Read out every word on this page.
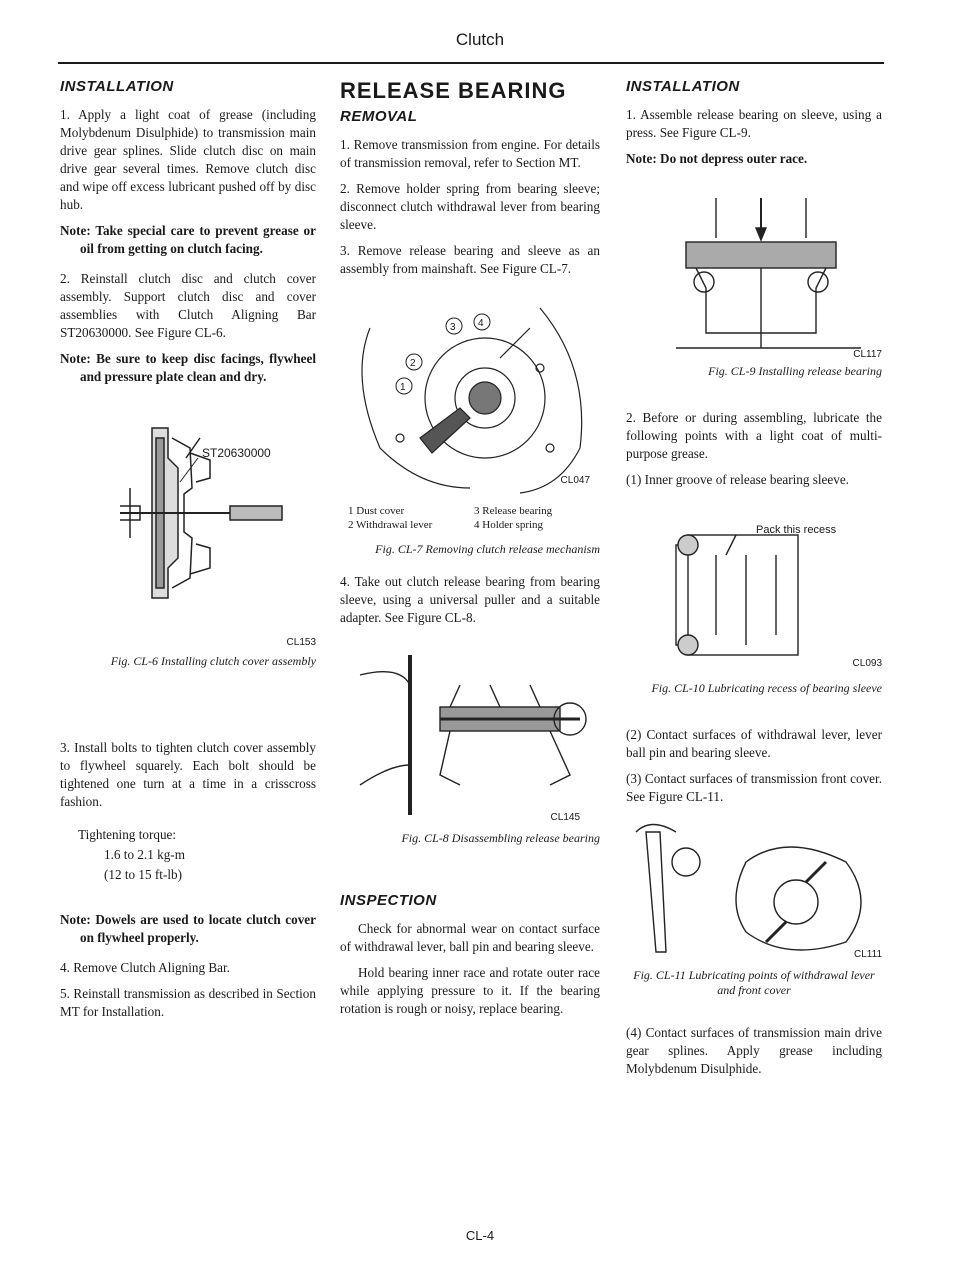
Clutch
INSTALLATION

1. Apply a light coat of grease (including Molybdenum Disulphide) to transmission main drive gear splines. Slide clutch disc on main drive gear several times. Remove clutch disc and wipe off excess lubricant pushed off by disc hub.

Note: Take special care to prevent grease or oil from getting on clutch facing.

2. Reinstall clutch disc and clutch cover assembly. Support clutch disc and cover assemblies with Clutch Aligning Bar ST20630000. See Figure CL-6.

Note: Be sure to keep disc facings, flywheel and pressure plate clean and dry.

ST20630000
CL153
Fig. CL-6 Installing clutch cover assembly

3. Install bolts to tighten clutch cover assembly to flywheel squarely. Each bolt should be tightened one turn at a time in a crisscross fashion.

Tightening torque:
1.6 to 2.1 kg-m
(12 to 15 ft-lb)

Note: Dowels are used to locate clutch cover on flywheel properly.

4. Remove Clutch Aligning Bar.

5. Reinstall transmission as described in Section MT for Installation.

RELEASE BEARING
REMOVAL

1. Remove transmission from engine. For details of transmission removal, refer to Section MT.

2. Remove holder spring from bearing sleeve; disconnect clutch withdrawal lever from bearing sleeve.

3. Remove release bearing and sleeve as an assembly from mainshaft. See Figure CL-7.

1
2
3 4
CL047
1 Dust cover	3 Release bearing
2 Withdrawal lever	4 Holder spring
Fig. CL-7 Removing clutch release mechanism

4. Take out clutch release bearing from bearing sleeve, using a universal puller and a suitable adapter. See Figure CL-8.

CL145
Fig. CL-8 Disassembling release bearing
INSPECTION

Check for abnormal wear on contact surface of withdrawal lever, ball pin and bearing sleeve.

Hold bearing inner race and rotate outer race while applying pressure to it. If the bearing rotation is rough or noisy, replace bearing.

INSTALLATION

1. Assemble release bearing on sleeve, using a press. See Figure CL-9.

Note: Do not depress outer race.

CL117
Fig. CL-9 Installing release bearing

2. Before or during assembling, lubricate the following points with a light coat of multi-purpose grease.

(1) Inner groove of release bearing sleeve.

Pack this recess
CL093
Fig. CL-10 Lubricating recess of bearing sleeve

(2) Contact surfaces of withdrawal lever, lever ball pin and bearing sleeve.

(3) Contact surfaces of transmission front cover. See Figure CL-11.

CL111
Fig. CL-11 Lubricating points of withdrawal lever and front cover

(4) Contact surfaces of transmission main drive gear splines. Apply grease including Molybdenum Disulphide.

CL-4
